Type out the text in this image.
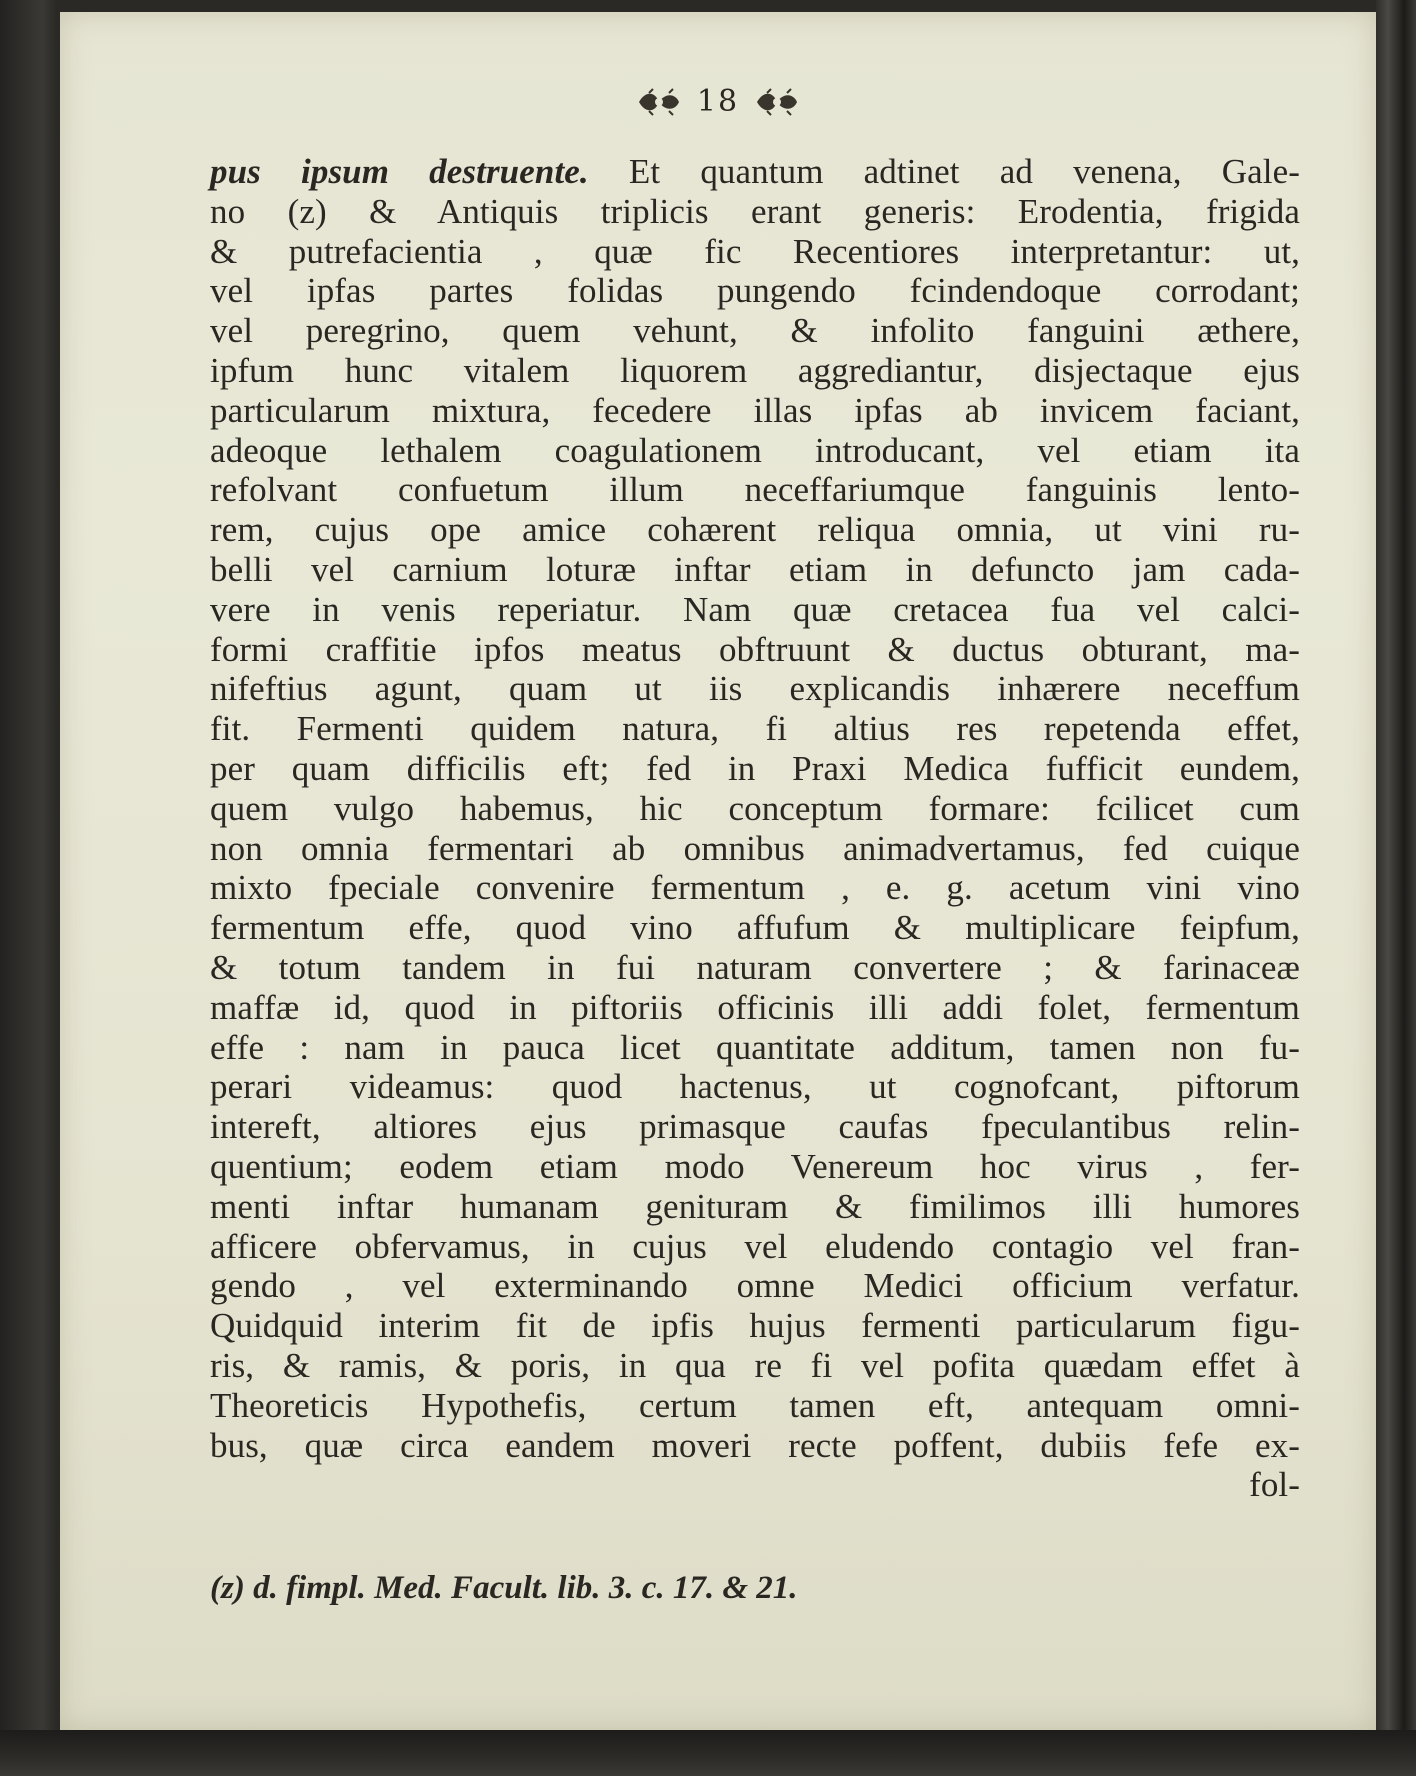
18
pus ipsum destruente. Et quantum adtinet ad venena, Gale-
no (z) & Antiquis triplicis erant generis: Erodentia, frigida
& putrefacientia , quæ fic Recentiores interpretantur: ut,
vel ipfas partes folidas pungendo fcindendoque corrodant;
vel peregrino, quem vehunt, & infolito fanguini æthere,
ipfum hunc vitalem liquorem aggrediantur, disjectaque ejus
particularum mixtura, fecedere illas ipfas ab invicem faciant,
adeoque lethalem coagulationem introducant, vel etiam ita
refolvant confuetum illum neceffariumque fanguinis lento-
rem, cujus ope amice cohærent reliqua omnia, ut vini ru-
belli vel carnium loturæ inftar etiam in defuncto jam cada-
vere in venis reperiatur. Nam quæ cretacea fua vel calci-
formi craffitie ipfos meatus obftruunt & ductus obturant, ma-
nifeftius agunt, quam ut iis explicandis inhærere neceffum
fit. Fermenti quidem natura, fi altius res repetenda effet,
per quam difficilis eft; fed in Praxi Medica fufficit eundem,
quem vulgo habemus, hic conceptum formare: fcilicet cum
non omnia fermentari ab omnibus animadvertamus, fed cuique
mixto fpeciale convenire fermentum , e. g. acetum vini vino
fermentum effe, quod vino affufum & multiplicare feipfum,
& totum tandem in fui naturam convertere ; & farinaceæ
maffæ id, quod in piftoriis officinis illi addi folet, fermentum
effe : nam in pauca licet quantitate additum, tamen non fu-
perari videamus: quod hactenus, ut cognofcant, piftorum
intereft, altiores ejus primasque caufas fpeculantibus relin-
quentium; eodem etiam modo Venereum hoc virus , fer-
menti inftar humanam genituram & fimilimos illi humores
afficere obfervamus, in cujus vel eludendo contagio vel fran-
gendo , vel exterminando omne Medici officium verfatur.
Quidquid interim fit de ipfis hujus fermenti particularum figu-
ris, & ramis, & poris, in qua re fi vel pofita quædam effet à
Theoreticis Hypothefis, certum tamen eft, antequam omni-
bus, quæ circa eandem moveri recte poffent, dubiis fefe ex-
fol-
(z) d. fimpl. Med. Facult. lib. 3. c. 17. & 21.
